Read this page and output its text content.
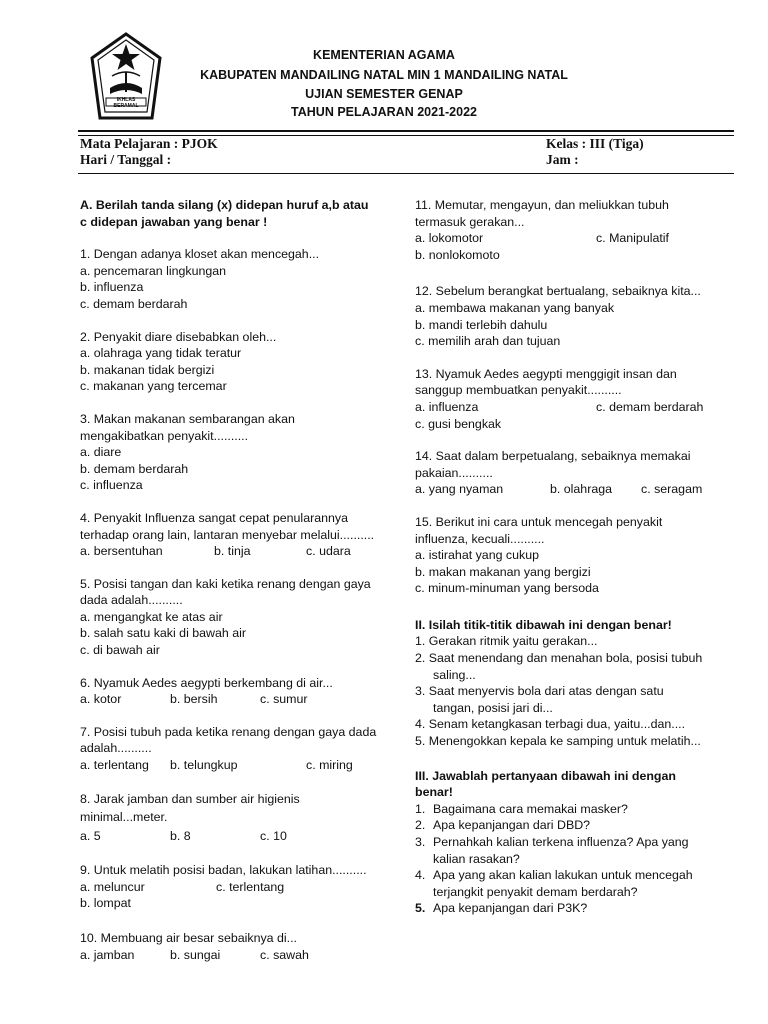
IKHLAS BERAMAL
KEMENTERIAN AGAMA
KABUPATEN MANDAILING NATAL MIN 1 MANDAILING NATAL
UJIAN SEMESTER GENAP
TAHUN PELAJARAN 2021-2022
Mata Pelajaran : PJOK
Hari / Tanggal :
Kelas : III (Tiga)
Jam :
A. Berilah tanda silang (x) didepan huruf a,b atau
c didepan jawaban yang benar !
1. Dengan adanya kloset akan mencegah...
a. pencemaran lingkungan
b. influenza
c. demam berdarah
2. Penyakit diare disebabkan oleh...
a. olahraga yang tidak teratur
b. makanan tidak bergizi
c. makanan yang tercemar
3. Makan makanan sembarangan akan
mengakibatkan penyakit..........
a. diare
b. demam berdarah
c. influenza
4. Penyakit Influenza sangat cepat penularannya
terhadap orang lain, lantaran menyebar melalui..........
a. bersentuhan	b. tinja	c. udara
5. Posisi tangan dan kaki ketika renang dengan gaya
dada adalah..........
a. mengangkat ke atas air
b. salah satu kaki di bawah air
c. di bawah air
6. Nyamuk Aedes aegypti berkembang di air...
a. kotor	b. bersih	c. sumur
7. Posisi tubuh pada ketika renang dengan gaya dada
adalah..........
a. terlentang b. telungkup	c. miring
8. Jarak jamban dan sumber air higienis
minimal...meter.
a. 5	b. 8	c. 10
9. Untuk melatih posisi badan, lakukan latihan..........
a. meluncur	c. terlentang
b. lompat
10. Membuang air besar sebaiknya di...
a. jamban	b. sungai	c. sawah
11. Memutar, mengayun, dan meliukkan tubuh
termasuk gerakan...
a. lokomotor	c. Manipulatif
b. nonlokomoto
12. Sebelum berangkat bertualang, sebaiknya kita...
a. membawa makanan yang banyak
b. mandi terlebih dahulu
c. memilih arah dan tujuan
13. Nyamuk Aedes aegypti menggigit insan dan
sanggup membuatkan penyakit..........
a. influenza	c. demam berdarah
c. gusi bengkak
14. Saat dalam berpetualang, sebaiknya memakai
pakaian..........
a. yang nyaman	b. olahraga c. seragam
15. Berikut ini cara untuk mencegah penyakit
influenza, kecuali..........
a. istirahat yang cukup
b. makan makanan yang bergizi
c. minum-minuman yang bersoda
II. Isilah titik-titik dibawah ini dengan benar!
1. Gerakan ritmik yaitu gerakan...
2. Saat menendang dan menahan bola, posisi tubuh
saling...
3. Saat menyervis bola dari atas dengan satu
tangan, posisi jari di...
4. Senam ketangkasan terbagi dua, yaitu...dan....
5. Menengokkan kepala ke samping untuk melatih...
III. Jawablah pertanyaan dibawah ini dengan
benar!
1. Bagaimana cara memakai masker?
2. Apa kepanjangan dari DBD?
3. Pernahkah kalian terkena influenza? Apa yang
kalian rasakan?
4. Apa yang akan kalian lakukan untuk mencegah
terjangkit penyakit demam berdarah?
5. Apa kepanjangan dari P3K?
